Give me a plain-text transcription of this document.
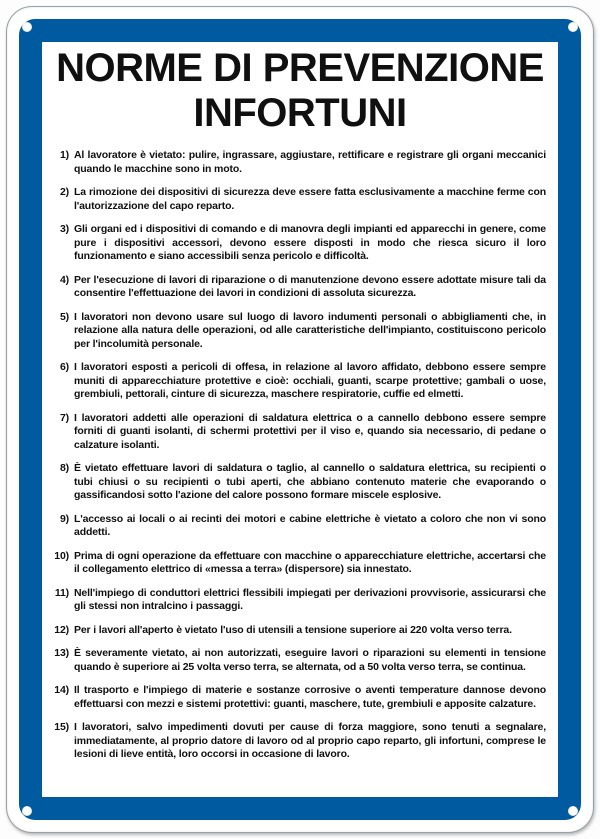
NORME DI PREVENZIONE
INFORTUNI
1) Al lavoratore è vietato: pulire, ingrassare, aggiustare, rettificare e registrare gli organi meccanici quando le macchine sono in moto.
2) La rimozione dei dispositivi di sicurezza deve essere fatta esclusivamente a macchine ferme con l'autorizzazione del capo reparto.
3) Gli organi ed i dispositivi di comando e di manovra degli impianti ed apparecchi in genere, come pure i dispositivi accessori, devono essere disposti in modo che riesca sicuro il loro funzionamento e siano accessibili senza pericolo e difficoltà.
4) Per l'esecuzione di lavori di riparazione o di manutenzione devono essere adottate misure tali da consentire l'effettuazione dei lavori in condizioni di assoluta sicurezza.
5) I lavoratori non devono usare sul luogo di lavoro indumenti personali o abbigliamenti che, in relazione alla natura delle operazioni, od alle caratteristiche dell'impianto, costituiscono pericolo per l'incolumità personale.
6) I lavoratori esposti a pericoli di offesa, in relazione al lavoro affidato, debbono essere sempre muniti di apparecchiature protettive e cioè: occhiali, guanti, scarpe protettive; gambali o uose, grembiuli, pettorali, cinture di sicurezza, maschere respiratorie, cuffie ed elmetti.
7) I lavoratori addetti alle operazioni di saldatura elettrica o a cannello debbono essere sempre forniti di guanti isolanti, di schermi protettivi per il viso e, quando sia necessario, di pedane o calzature isolanti.
8) È vietato effettuare lavori di saldatura o taglio, al cannello o saldatura elettrica, su recipienti o tubi chiusi o su recipienti o tubi aperti, che abbiano contenuto materie che evaporando o gassificandosi sotto l'azione del calore possono formare miscele esplosive.
9) L'accesso ai locali o ai recinti dei motori e cabine elettriche è vietato a coloro che non vi sono addetti.
10) Prima di ogni operazione da effettuare con macchine o apparecchiature elettriche, accertarsi che il collegamento elettrico di «messa a terra» (dispersore) sia innestato.
11) Nell'impiego di conduttori elettrici flessibili impiegati per derivazioni provvisorie, assicurarsi che gli stessi non intralcino i passaggi.
12) Per i lavori all'aperto è vietato l'uso di utensili a tensione superiore ai 220 volta verso terra.
13) È severamente vietato, ai non autorizzati, eseguire lavori o riparazioni su elementi in tensione quando è superiore ai 25 volta verso terra, se alternata, od a 50 volta verso terra, se continua.
14) Il trasporto e l'impiego di materie e sostanze corrosive o aventi temperature dannose devono effettuarsi con mezzi e sistemi protettivi: guanti, maschere, tute, grembiuli e apposite calzature.
15) I lavoratori, salvo impedimenti dovuti per cause di forza maggiore, sono tenuti a segnalare, immediatamente, al proprio datore di lavoro od al proprio capo reparto, gli infortuni, comprese le lesioni di lieve entità, loro occorsi in occasione di lavoro.
